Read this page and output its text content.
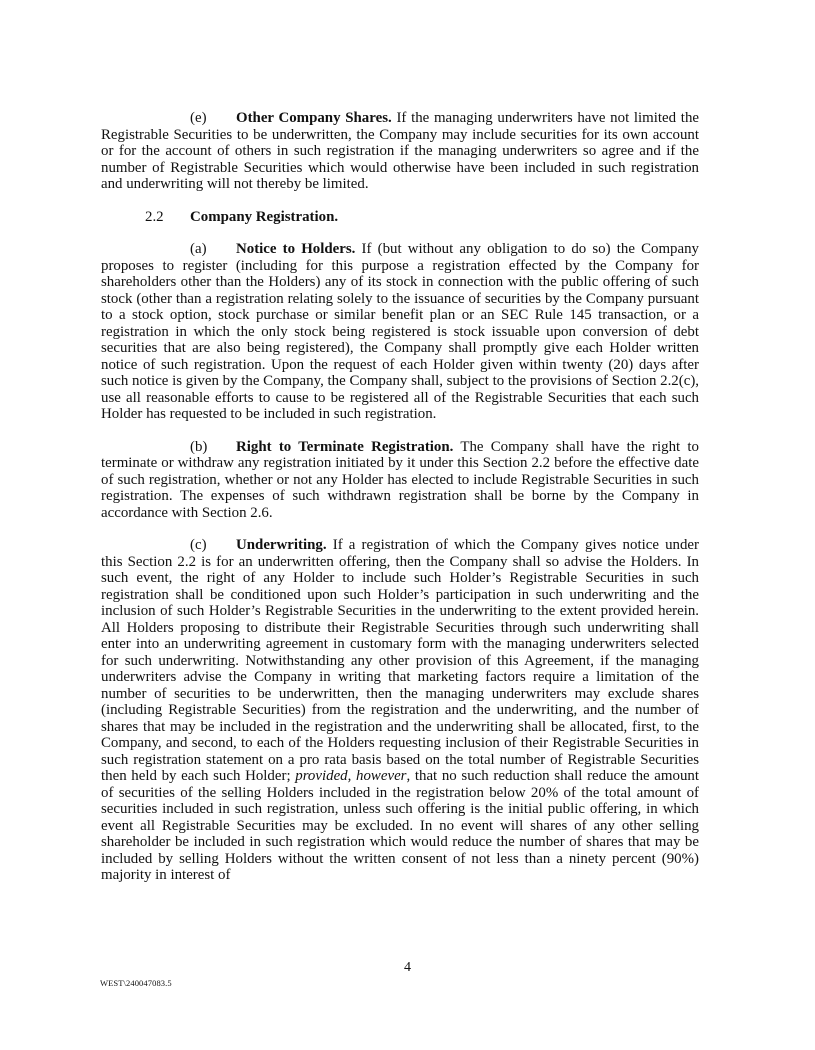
(e) Other Company Shares. If the managing underwriters have not limited the Registrable Securities to be underwritten, the Company may include securities for its own account or for the account of others in such registration if the managing underwriters so agree and if the number of Registrable Securities which would otherwise have been included in such registration and underwriting will not thereby be limited.

2.2 Company Registration.

(a) Notice to Holders. If (but without any obligation to do so) the Company proposes to register (including for this purpose a registration effected by the Company for shareholders other than the Holders) any of its stock in connection with the public offering of such stock (other than a registration relating solely to the issuance of securities by the Company pursuant to a stock option, stock purchase or similar benefit plan or an SEC Rule 145 transaction, or a registration in which the only stock being registered is stock issuable upon conversion of debt securities that are also being registered), the Company shall promptly give each Holder written notice of such registration. Upon the request of each Holder given within twenty (20) days after such notice is given by the Company, the Company shall, subject to the provisions of Section 2.2(c), use all reasonable efforts to cause to be registered all of the Registrable Securities that each such Holder has requested to be included in such registration.

(b) Right to Terminate Registration. The Company shall have the right to terminate or withdraw any registration initiated by it under this Section 2.2 before the effective date of such registration, whether or not any Holder has elected to include Registrable Securities in such registration. The expenses of such withdrawn registration shall be borne by the Company in accordance with Section 2.6.

(c) Underwriting. If a registration of which the Company gives notice under this Section 2.2 is for an underwritten offering, then the Company shall so advise the Holders. In such event, the right of any Holder to include such Holder’s Registrable Securities in such registration shall be conditioned upon such Holder’s participation in such underwriting and the inclusion of such Holder’s Registrable Securities in the underwriting to the extent provided herein. All Holders proposing to distribute their Registrable Securities through such underwriting shall enter into an underwriting agreement in customary form with the managing underwriters selected for such underwriting. Notwithstanding any other provision of this Agreement, if the managing underwriters advise the Company in writing that marketing factors require a limitation of the number of securities to be underwritten, then the managing underwriters may exclude shares (including Registrable Securities) from the registration and the underwriting, and the number of shares that may be included in the registration and the underwriting shall be allocated, first, to the Company, and second, to each of the Holders requesting inclusion of their Registrable Securities in such registration statement on a pro rata basis based on the total number of Registrable Securities then held by each such Holder; provided, however, that no such reduction shall reduce the amount of securities of the selling Holders included in the registration below 20% of the total amount of securities included in such registration, unless such offering is the initial public offering, in which event all Registrable Securities may be excluded. In no event will shares of any other selling shareholder be included in such registration which would reduce the number of shares that may be included by selling Holders without the written consent of not less than a ninety percent (90%) majority in interest of

4
WEST\240047083.5
